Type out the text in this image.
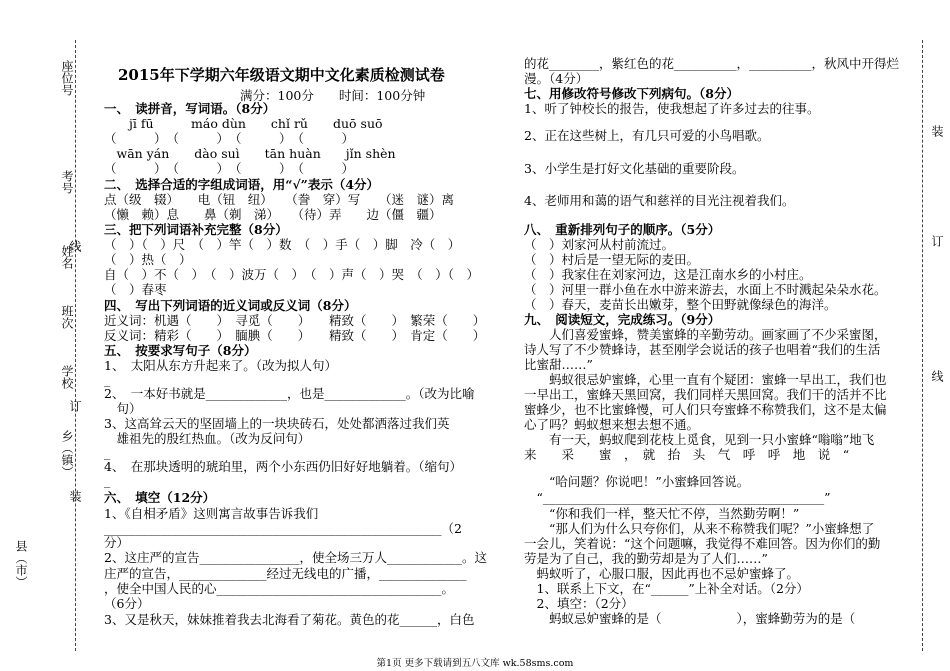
座位号
考号
姓名
线
班次
学校
订
乡（镇）
装
县（市）
装
订
线
2015年下学期六年级语文期中文化素质检测试卷
满分：100分　　时间：100分钟
一、　读拼音，写词语。（8分）
　　jī fū　　　máo dùn　　chǐ rǔ　　duō suō
（　　　）　（　　　）　（　　　）　（　　　）
　wān yán　　dào suì　　tān huàn　　jǐn shèn
（　　　）　（　　　）　（　　　）　（　　　）
二、　选择合适的字组成词语，用“√”表示（4分）
点（级　辍）　　电（钮　纽）　　（誊　穿）写　　（迷　谜）离
（懒　赖）息　　鼻（剃　涕）　　（待）弄　　边（僵　疆）
三、把下列词语补充完整（8分）
（　）（　）尺　（　）竿（　）数　（　）手（　）脚　冷（　）
（　）热（　）
自（　）不（　）　（　）波万（　）　（　）声（　）哭　（　）（　）
（　）春枣
四、　写出下列词语的近义词或反义词（8分）
近义词：机遇（　　）　寻觅（　　）　　精致（　　）　繁荣（　　）
反义词：精彩（　　）　腼腆（　　）　　精致（　　）　肯定（　　）
五、　按要求写句子（8分）
1、　太阳从东方升起来了。（改为拟人句）
_
2、　一本好书就是_____________，也是_____________。（改为比喻
　句）
3、这高耸云天的坚固墙上的一块块砖石，处处都洒落过我们英
　雄祖先的殷红热血。（改为反问句）
_
4、　在那块透明的琥珀里，两个小东西仍旧好好地躺着。（缩句）
_
六、　填空（12分）
1、《自相矛盾》这则寓言故事告诉我们
______________________________________________________（2
分）
2、这庄严的宣告________________，使全场三万人____________。这
庄严的宣告，______________经过无线电的广播，______________
，使全中国人民的心____________________________________。
（6分）
3、又是秋天，妹妹推着我去北海看了菊花。黄色的花______，白色
的花________，紫红色的花__________，__________，秋风中开得烂
漫。（4分）
七、用修改符号修改下列病句。（8分）
1、听了钟校长的报告，使我想起了许多过去的往事。
2、正在这些树上，有几只可爱的小鸟唱歌。
3、小学生是打好文化基础的重要阶段。
4、老师用和蔼的语气和慈祥的目光注视着我们。
八、　重新排列句子的顺序。（5分）
（　）刘家河从村前流过。
（　）村后是一望无际的麦田。
（　）我家住在刘家河边，这是江南水乡的小村庄。
（　）河里一群小鱼在水中游来游去，水面上不时溅起朵朵水花。
（　）春天，麦苗长出嫩芽，整个田野就像绿色的海洋。
九、　阅读短文，完成练习。（9分）
　　人们喜爱蜜蜂，赞美蜜蜂的辛勤劳动。画家画了不少采蜜图，
诗人写了不少赞蜂诗，甚至刚学会说话的孩子也唱着“我们的生活
比蜜甜……”
　　蚂蚁很忌妒蜜蜂，心里一直有个疑团：蜜蜂一早出工，我们也
一早出工，蜜蜂天黑回窝，我们同样天黑回窝。我们干的活并不比
蜜蜂少，也不比蜜蜂慢，可人们只夸蜜蜂不称赞我们，这不是太偏
心了吗？蚂蚁想来想去想不通。
　　有一天，蚂蚁爬到花枝上觅食，见到一只小蜜蜂“嗡嗡”地飞
来　　采　　蜜　，　就　抬　头　气　呼　呼　地　说　“
　　“哈问题？你说吧！”小蜜蜂回答说。
　“_____________________________________________”
　　“你和我们一样，整天忙不停，当然勤劳啊！”
　　“那人们为什么只夸你们，从来不称赞我们呢？”小蜜蜂想了
一会儿，笑着说：“这个问题嘛，我觉得不难回答。因为你们的勤
劳是为了自己，我的勤劳却是为了人们……”
　蚂蚁听了，心服口服，因此再也不忌妒蜜蜂了。
　1、联系上下文，在“______”上补全对话。（2分）
　2、填空：（2分）
　　蚂蚁忌妒蜜蜂的是（　　　　　　），蜜蜂勤劳为的是（
第1页 更多下载请到五八文库 wk.58sms.com
